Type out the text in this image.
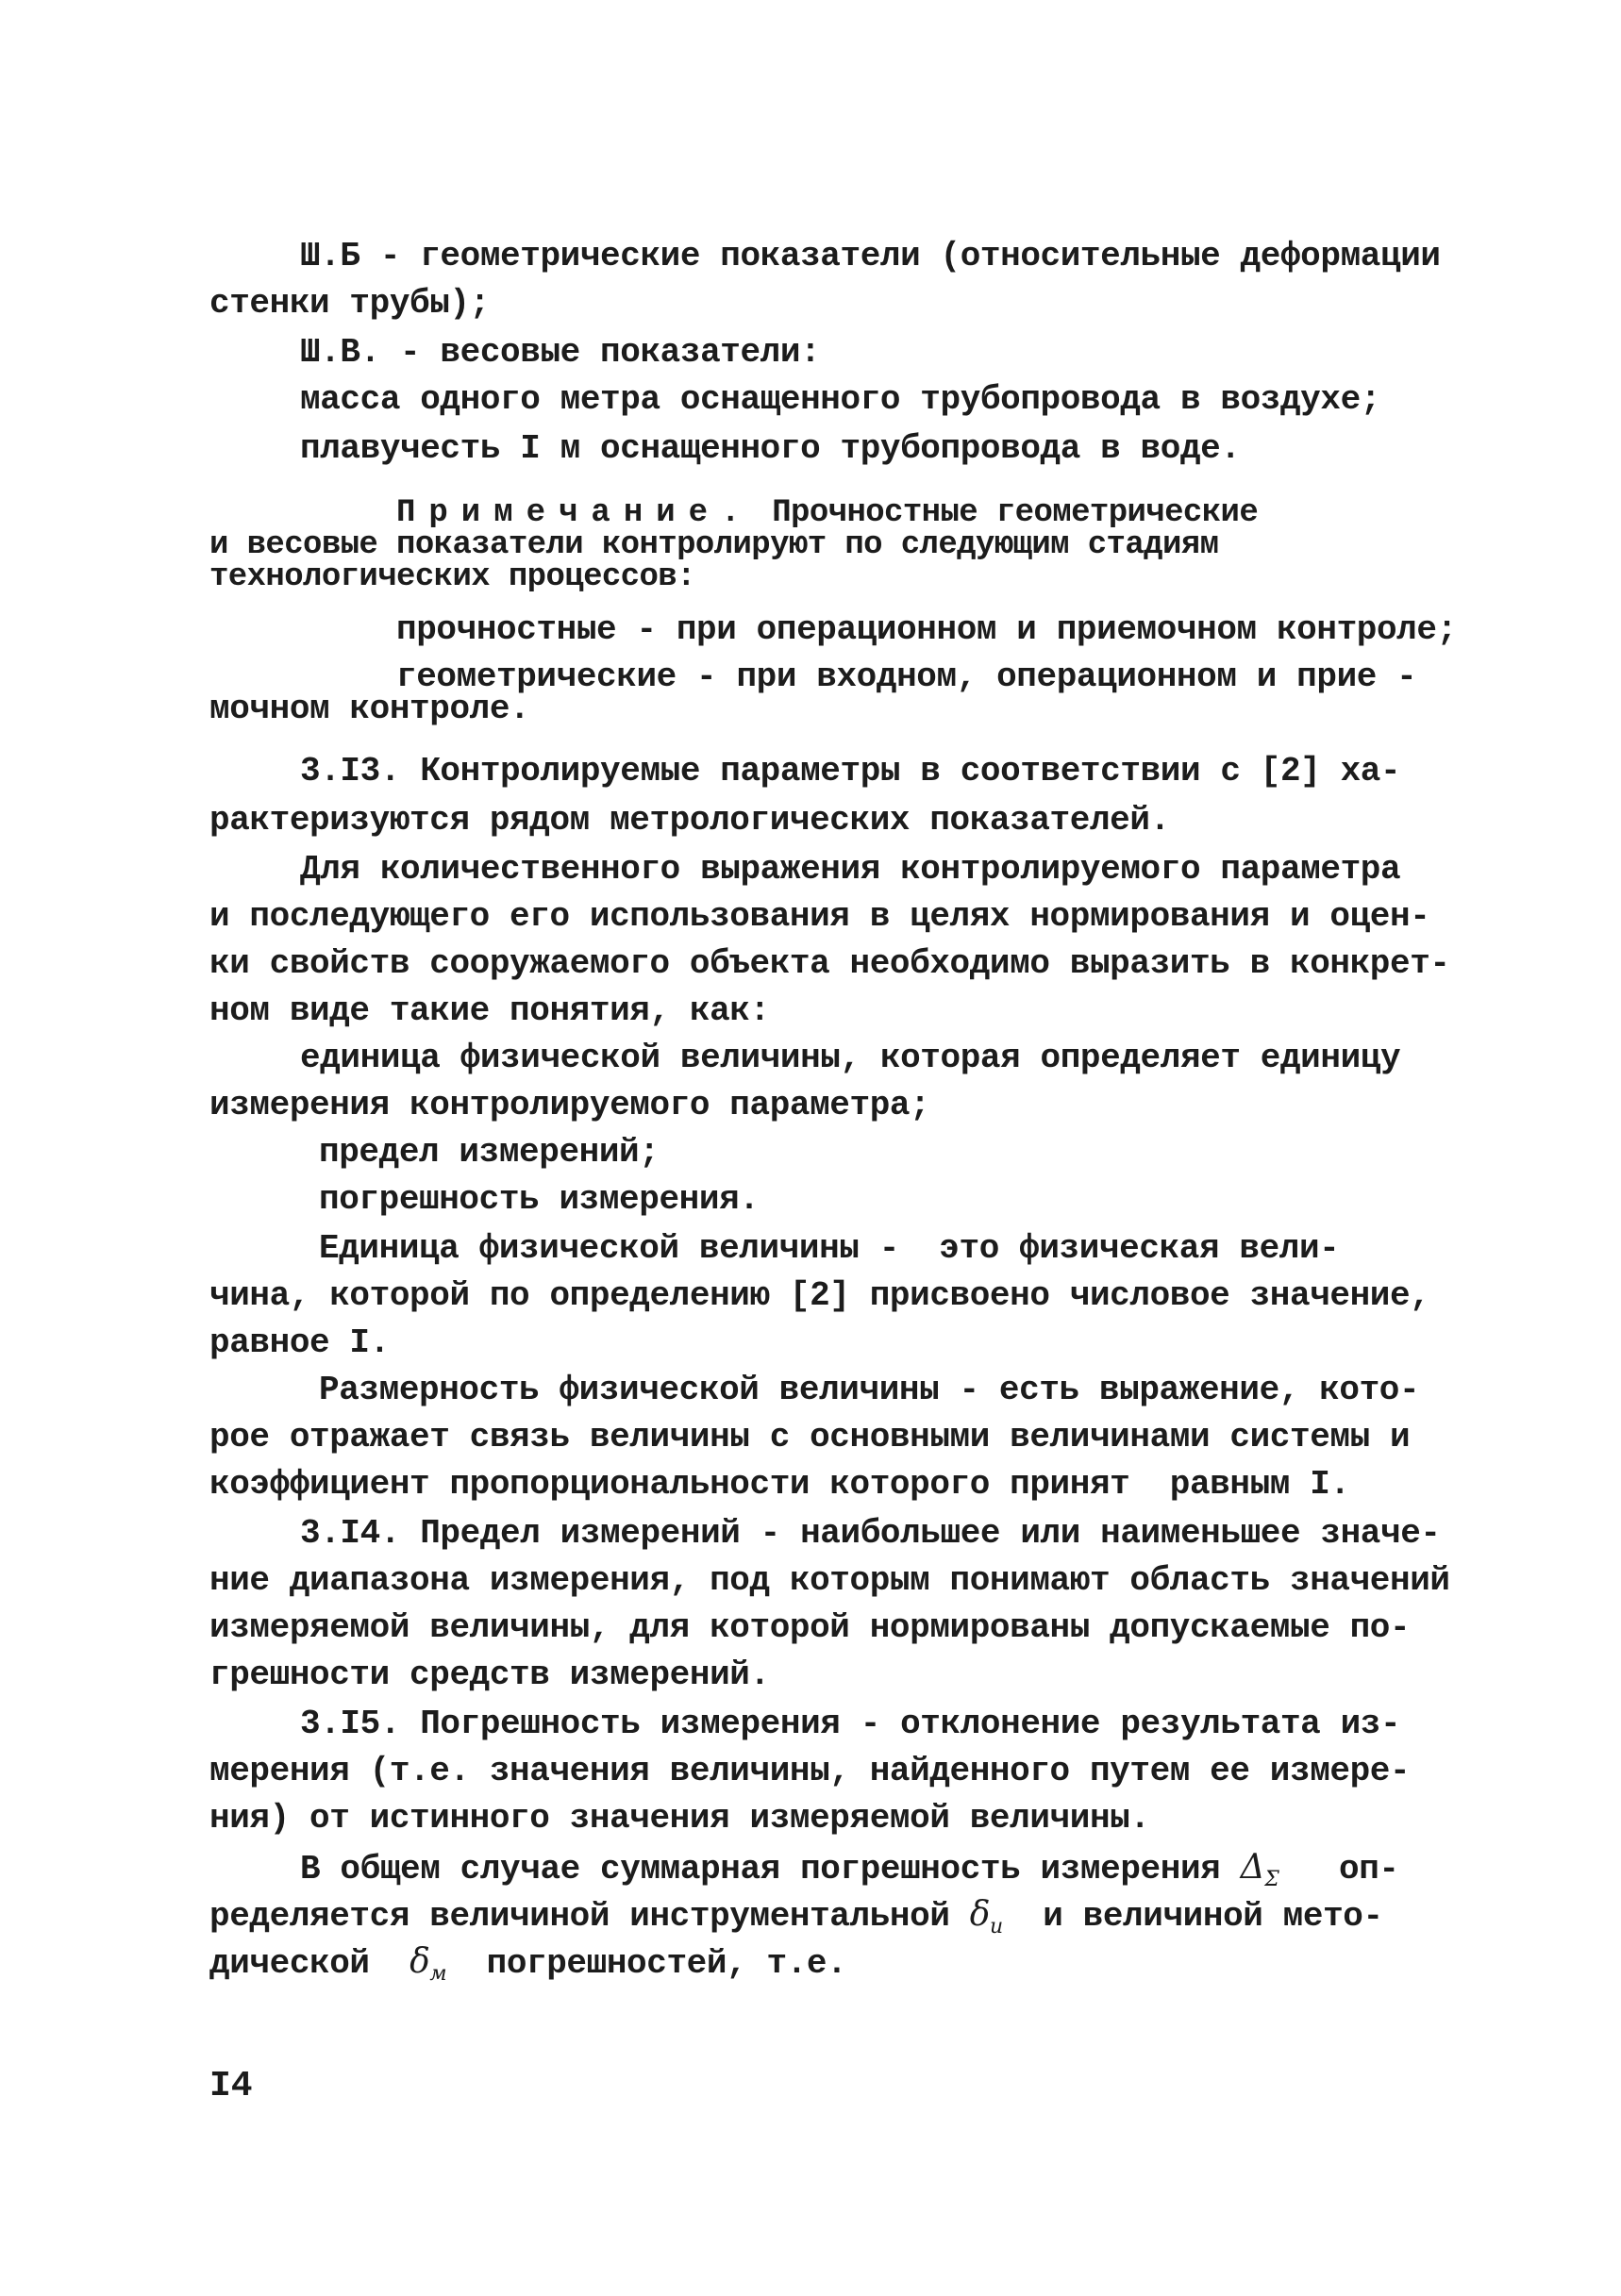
Ш.Б - геометрические показатели (относительные деформации
стенки трубы);
Ш.В. - весовые показатели:
масса одного метра оснащенного трубопровода в воздухе;
плавучесть I м оснащенного трубопровода в воде.
Примечание. Прочностные геометрические
и весовые показатели контролируют по следующим стадиям
технологических процессов:
прочностные - при операционном и приемочном контроле;
геометрические - при входном, операционном и прие -
мочном контроле.
3.I3. Контролируемые параметры в соответствии с [2] ха-
рактеризуются рядом метрологических показателей.
Для количественного выражения контролируемого параметра
и последующего его использования в целях нормирования и оцен-
ки свойств сооружаемого объекта необходимо выразить в конкрет-
ном виде такие понятия, как:
единица физической величины, которая определяет единицу
измерения контролируемого параметра;
предел измерений;
погрешность измерения.
Единица физической величины -  это физическая вели-
чина, которой по определению [2] присвоено числовое значение,
равное I.
Размерность физической величины - есть выражение, кото-
рое отражает связь величины с основными величинами системы и
коэффициент пропорциональности которого принят  равным I.
3.I4. Предел измерений - наибольшее или наименьшее значе-
ние диапазона измерения, под которым понимают область значений
измеряемой величины, для которой нормированы допускаемые по-
грешности средств измерений.
3.I5. Погрешность измерения - отклонение результата из-
мерения (т.е. значения величины, найденного путем ее измере-
ния) от истинного значения измеряемой величины.
В общем случае суммарная погрешность измерения $\Delta_\Sigma$ оп-
ределяется величиной инструментальной $\delta_и$ и величиной мето-
дической $\delta_м$ погрешностей, т.е.
I4
